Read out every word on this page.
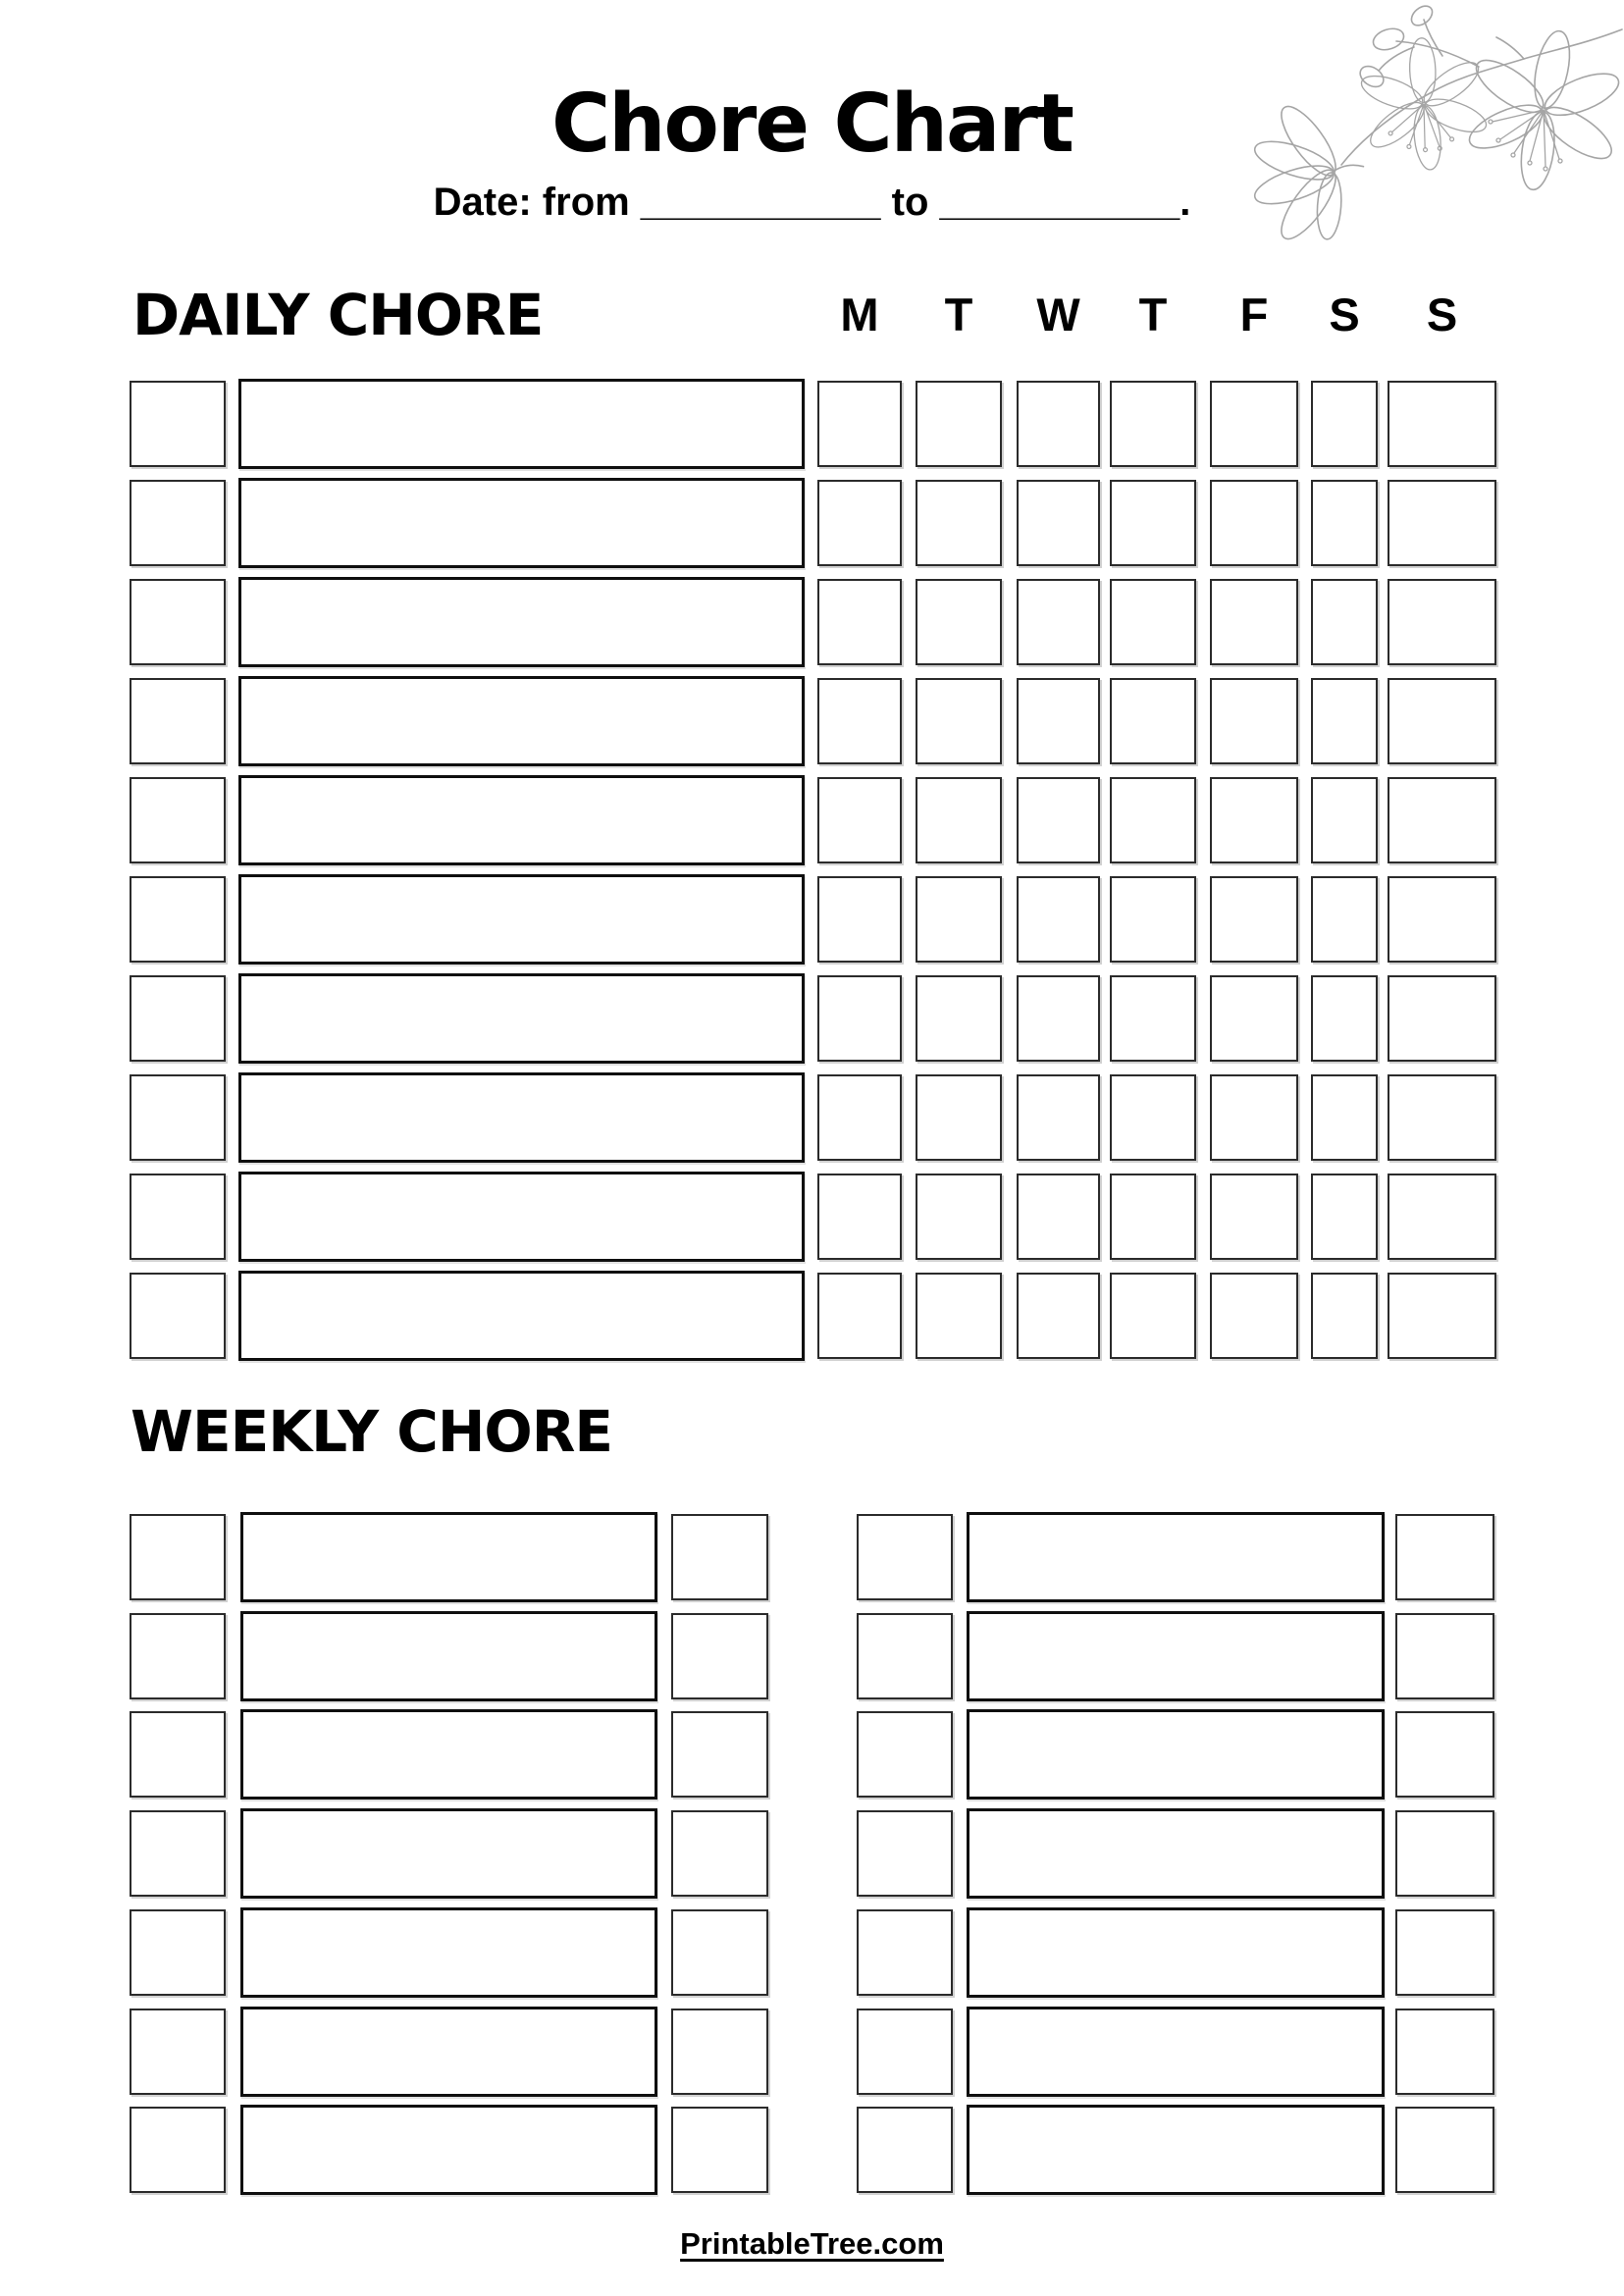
Chore Chart
Date: from ___________ to ___________.
DAILY CHORE
WEEKLY CHORE
M T W T F S S
PrintableTree.com
